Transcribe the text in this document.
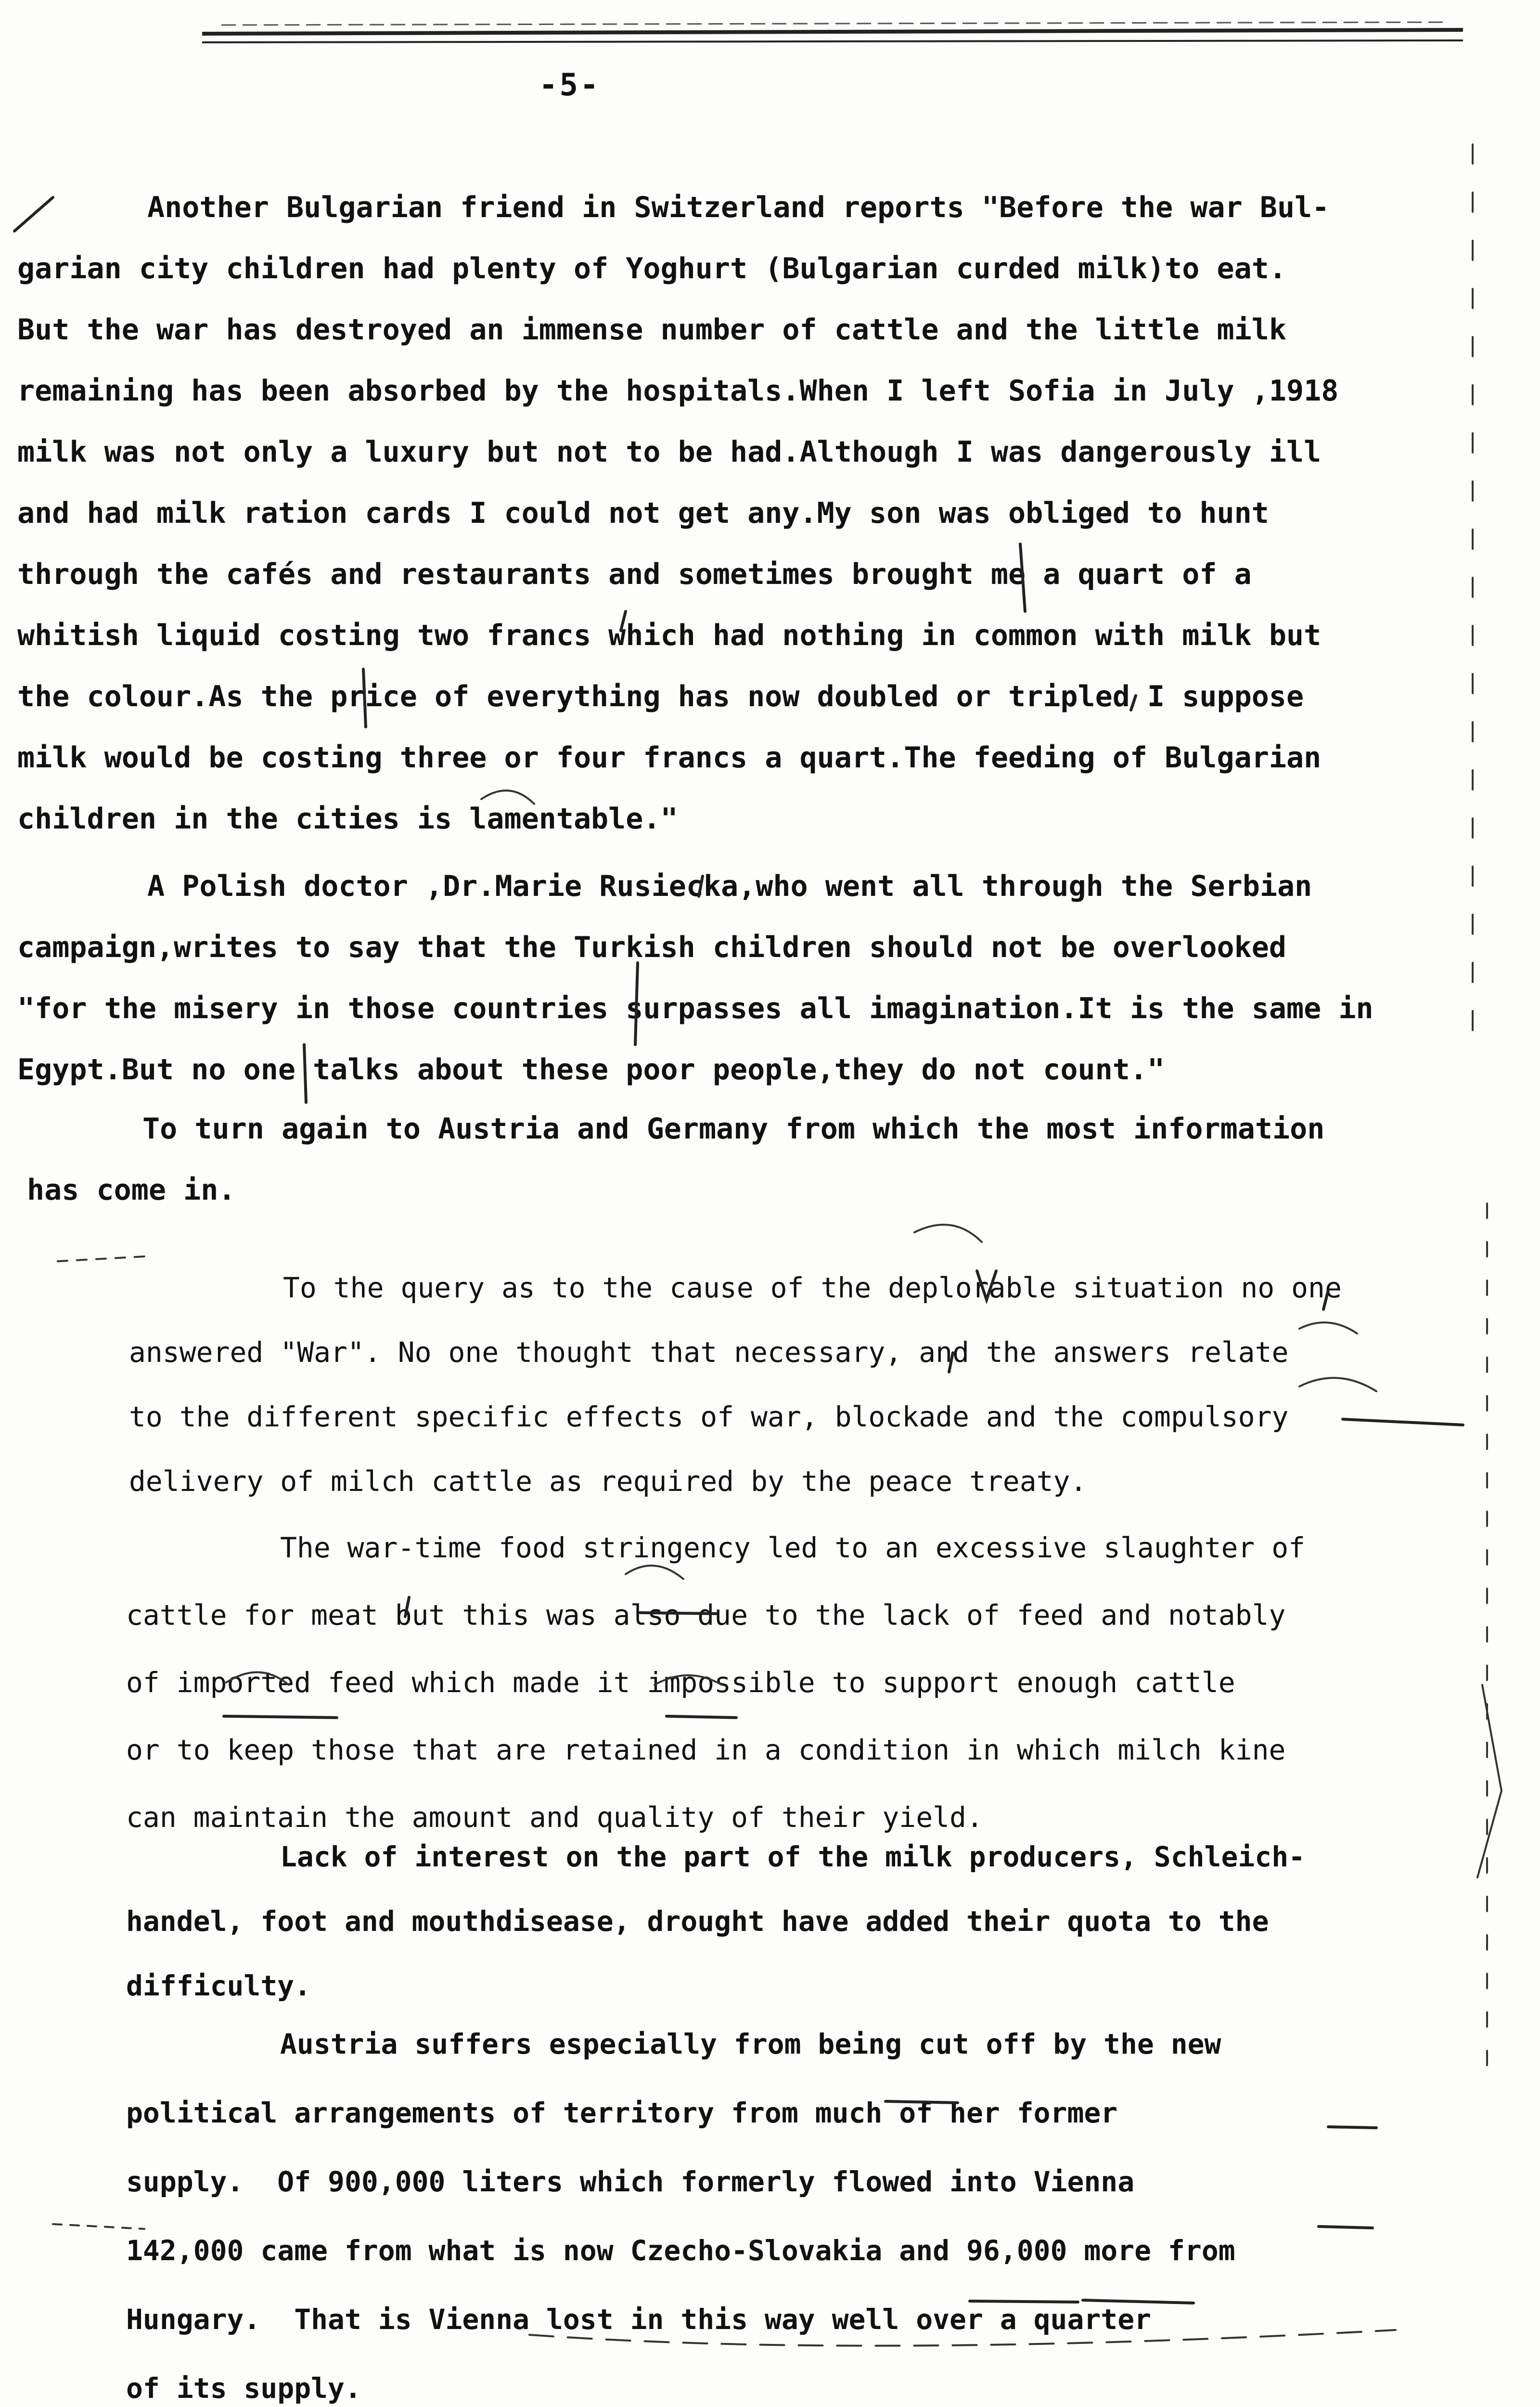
-5-
Another Bulgarian friend in Switzerland reports "Before the war Bul-
garian city children had plenty of Yoghurt (Bulgarian curded milk)to eat.
But the war has destroyed an immense number of cattle and the little milk
remaining has been absorbed by the hospitals.When I left Sofia in July ,1918
milk was not only a luxury but not to be had.Although I was dangerously ill
and had milk ration cards I could not get any.My son was obliged to hunt
through the cafés and restaurants and sometimes brought me a quart of a
whitish liquid costing two francs which had nothing in common with milk but
the colour.As the price of everything has now doubled or tripled I suppose
milk would be costing three or four francs a quart.The feeding of Bulgarian
children in the cities is lamentable."
A Polish doctor ,Dr.Marie Rusiecka,who went all through the Serbian
campaign,writes to say that the Turkish children should not be overlooked
"for the misery in those countries surpasses all imagination.It is the same in
Egypt.But no one talks about these poor people,they do not count."
To turn again to Austria and Germany from which the most information
has come in.
To the query as to the cause of the deplorable situation no one
answered "War". No one thought that necessary, and the answers relate
to the different specific effects of war, blockade and the compulsory
delivery of milch cattle as required by the peace treaty.
The war-time food stringency led to an excessive slaughter of
cattle for meat but this was also due to the lack of feed and notably
of imported feed which made it impossible to support enough cattle
or to keep those that are retained in a condition in which milch kine
can maintain the amount and quality of their yield.
Lack of interest on the part of the milk producers, Schleich-
handel, foot and mouthdisease, drought have added their quota to the
difficulty.
Austria suffers especially from being cut off by the new
political arrangements of territory from much of her former
supply.  Of 900,000 liters which formerly flowed into Vienna
142,000 came from what is now Czecho-Slovakia and 96,000 more from
Hungary.  That is Vienna lost in this way well over a quarter
of its supply.
